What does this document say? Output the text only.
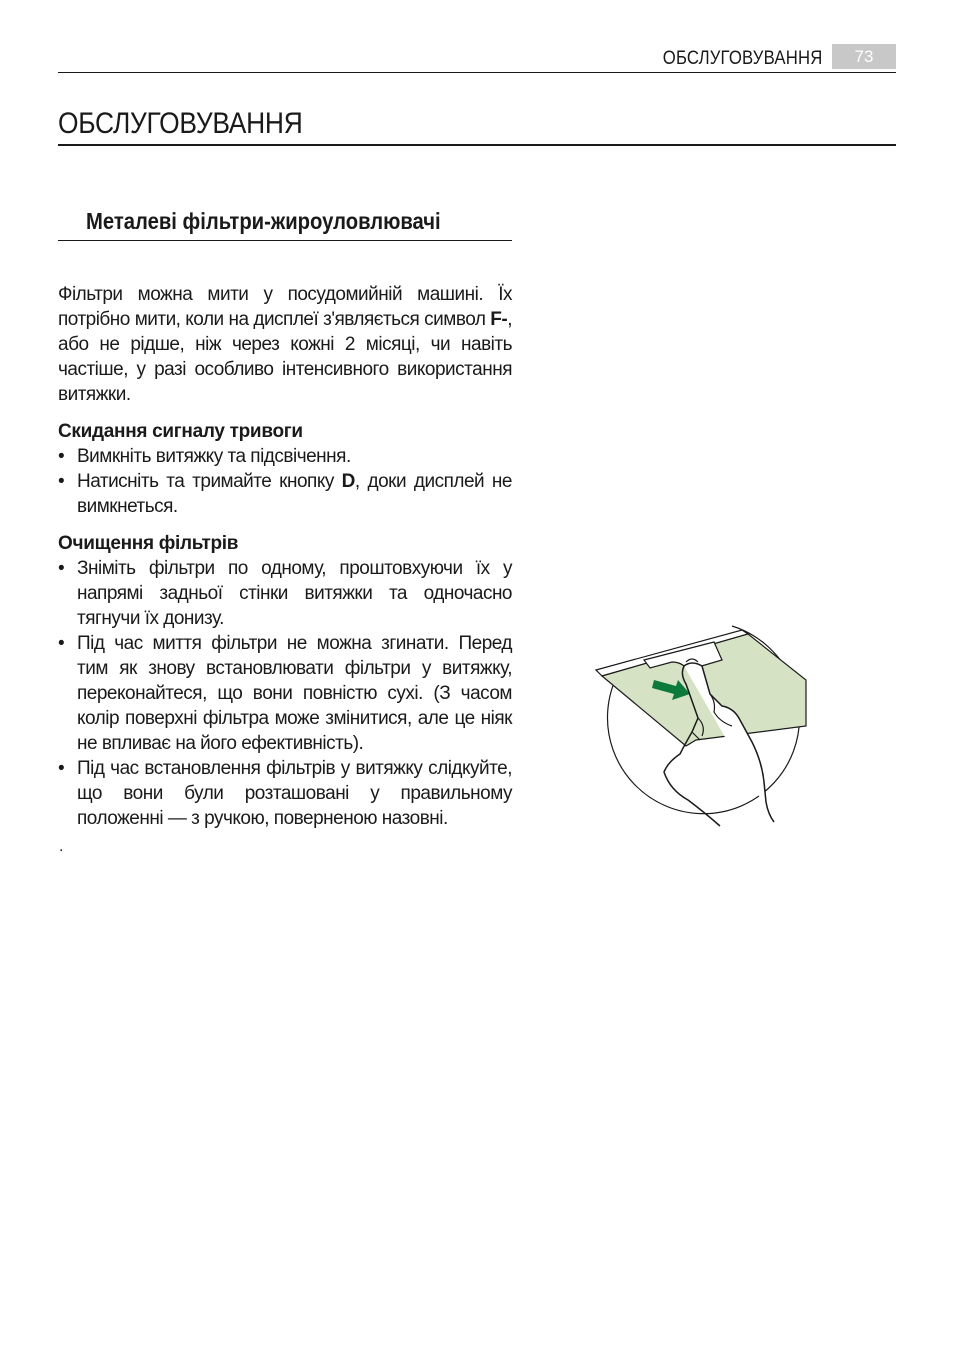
ОБСЛУГОВУВАННЯ	73
ОБСЛУГОВУВАННЯ
Металеві фільтри-жироуловлювачі

Фільтри можна мити у посудомийній машині. Їх потрібно мити, коли на дисплеї з'являється символ F-, або не рідше, ніж через кожні 2 місяці, чи навіть частіше, у разі особливо інтенсивного використання витяжки.

Скидання сигналу тривоги

• Вимкніть витяжку та підсвічення.
• Натисніть та тримайте кнопку D, доки дисплей не вимкнеться.

Очищення фільтрів

• Зніміть фільтри по одному, проштовхуючи їх у напрямі задньої стінки витяжки та одночасно тягнучи їх донизу.
• Під час миття фільтри не можна згинати. Перед тим як знову встановлювати фільтри у витяжку, переконайтеся, що вони повністю сухі. (З часом колір поверхні фільтра може змінитися, але це ніяк не впливає на його ефективність).
• Під час встановлення фільтрів у витяжку слідкуйте, що вони були розташовані у правильному положенні — з ручкою, поверненою назовні.
.
